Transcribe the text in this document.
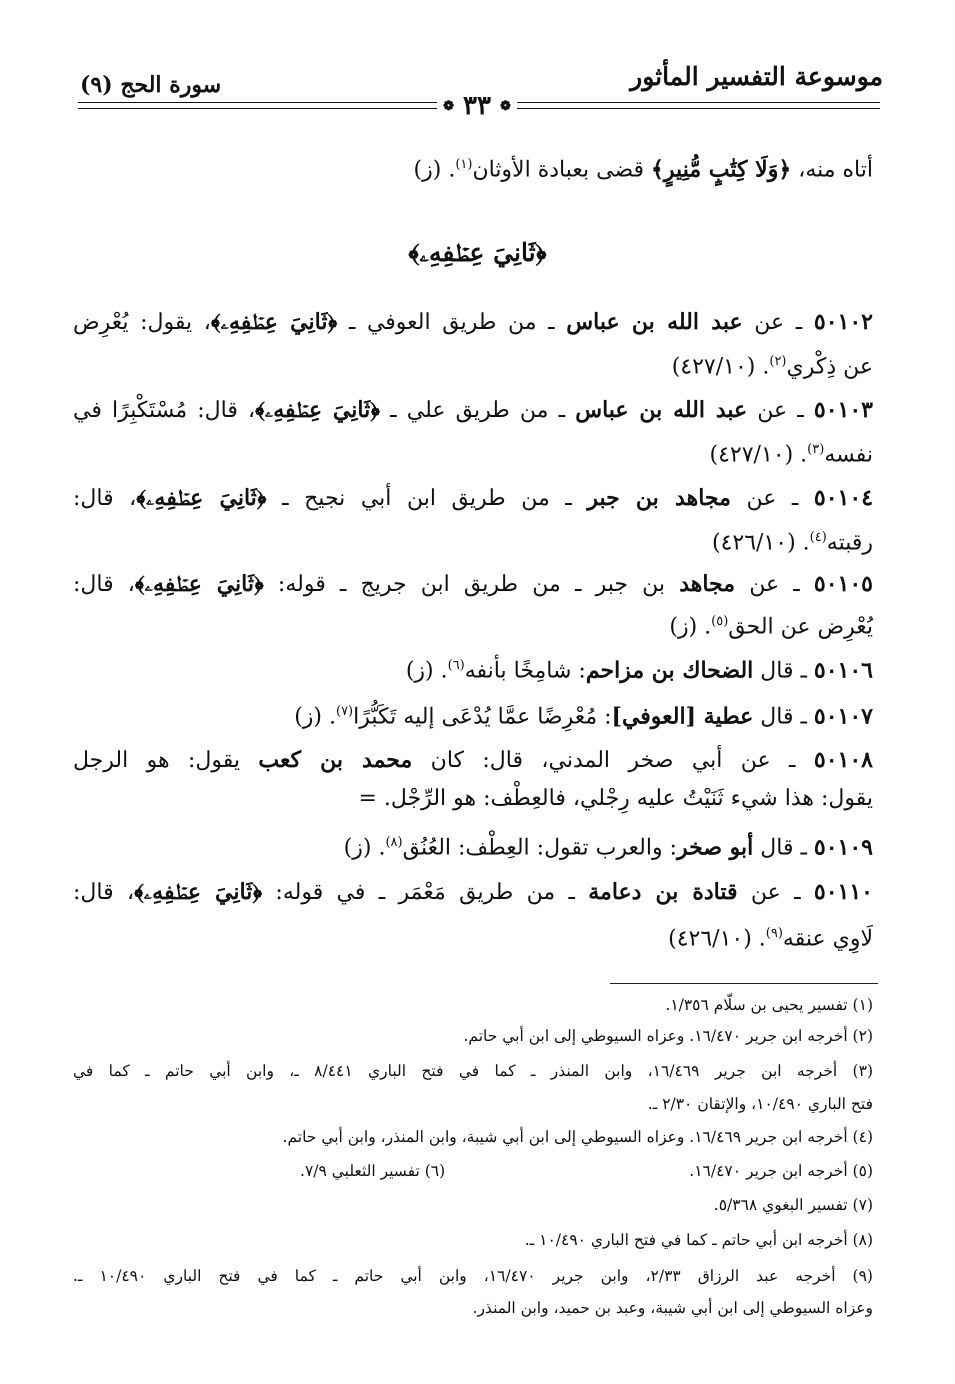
موسوعة التفسير المأثور
سورة الحج (٩)
❁ ٣٣ ❁
أتاه منه، ﴿وَلَا كِتَٰبٍ مُّنِيرٍ﴾ قضى بعبادة الأوثان$^{(١)}$. (ز)
﴿ثَانِيَ عِطۡفِهِۦ﴾
٥٠١٠٢ ـ عن عبد الله بن عباس ـ من طريق العوفي ـ ﴿ثَانِيَ عِطۡفِهِۦ﴾، يقول: يُعْرِض
عن ذِكْري$^{(٢)}$. (٤٢٧/١٠)
٥٠١٠٣ ـ عن عبد الله بن عباس ـ من طريق علي ـ ﴿ثَانِيَ عِطۡفِهِۦ﴾، قال: مُسْتَكْبِرًا في
نفسه$^{(٣)}$. (٤٢٧/١٠)
٥٠١٠٤ ـ عن مجاهد بن جبر ـ من طريق ابن أبي نجيح ـ ﴿ثَانِيَ عِطۡفِهِۦ﴾، قال:
رقبته$^{(٤)}$. (٤٢٦/١٠)
٥٠١٠٥ ـ عن مجاهد بن جبر ـ من طريق ابن جريج ـ قوله: ﴿ثَانِيَ عِطۡفِهِۦ﴾، قال:
يُعْرِض عن الحق$^{(٥)}$. (ز)
٥٠١٠٦ ـ قال الضحاك بن مزاحم: شامِخًا بأنفه$^{(٦)}$. (ز)
٥٠١٠٧ ـ قال عطية [العوفي]: مُعْرِضًا عمَّا يُدْعَى إليه تَكَبُّرًا$^{(٧)}$. (ز)
٥٠١٠٨ ـ عن أبي صخر المدني، قال: كان محمد بن كعب يقول: هو الرجل
يقول: هذا شيء ثَنَيْتُ عليه رِجْلي، فالعِطْف: هو الرِّجْل. =
٥٠١٠٩ ـ قال أبو صخر: والعرب تقول: العِطْف: العُنُق$^{(٨)}$. (ز)
٥٠١١٠ ـ عن قتادة بن دعامة ـ من طريق مَعْمَر ـ في قوله: ﴿ثَانِيَ عِطۡفِهِۦ﴾، قال:
لَاوِي عنقه$^{(٩)}$. (٤٢٦/١٠)
(١) تفسير يحيى بن سلّام ١/٣٥٦.
(٢) أخرجه ابن جرير ١٦/٤٧٠. وعزاه السيوطي إلى ابن أبي حاتم.
(٣) أخرجه ابن جرير ١٦/٤٦٩، وابن المنذر ـ كما في فتح الباري ٨/٤٤١ ـ، وابن أبي حاتم ـ كما في
فتح الباري ١٠/٤٩٠، والإتقان ٢/٣٠ ـ.
(٤) أخرجه ابن جرير ١٦/٤٦٩. وعزاه السيوطي إلى ابن أبي شيبة، وابن المنذر، وابن أبي حاتم.
(٥) أخرجه ابن جرير ١٦/٤٧٠.
(٦) تفسير الثعلبي ٧/٩.
(٧) تفسير البغوي ٥/٣٦٨.
(٨) أخرجه ابن أبي حاتم ـ كما في فتح الباري ١٠/٤٩٠ ـ.
(٩) أخرجه عبد الرزاق ٢/٣٣، وابن جرير ١٦/٤٧٠، وابن أبي حاتم ـ كما في فتح الباري ١٠/٤٩٠ ـ.
وعزاه السيوطي إلى ابن أبي شيبة، وعبد بن حميد، وابن المنذر.
